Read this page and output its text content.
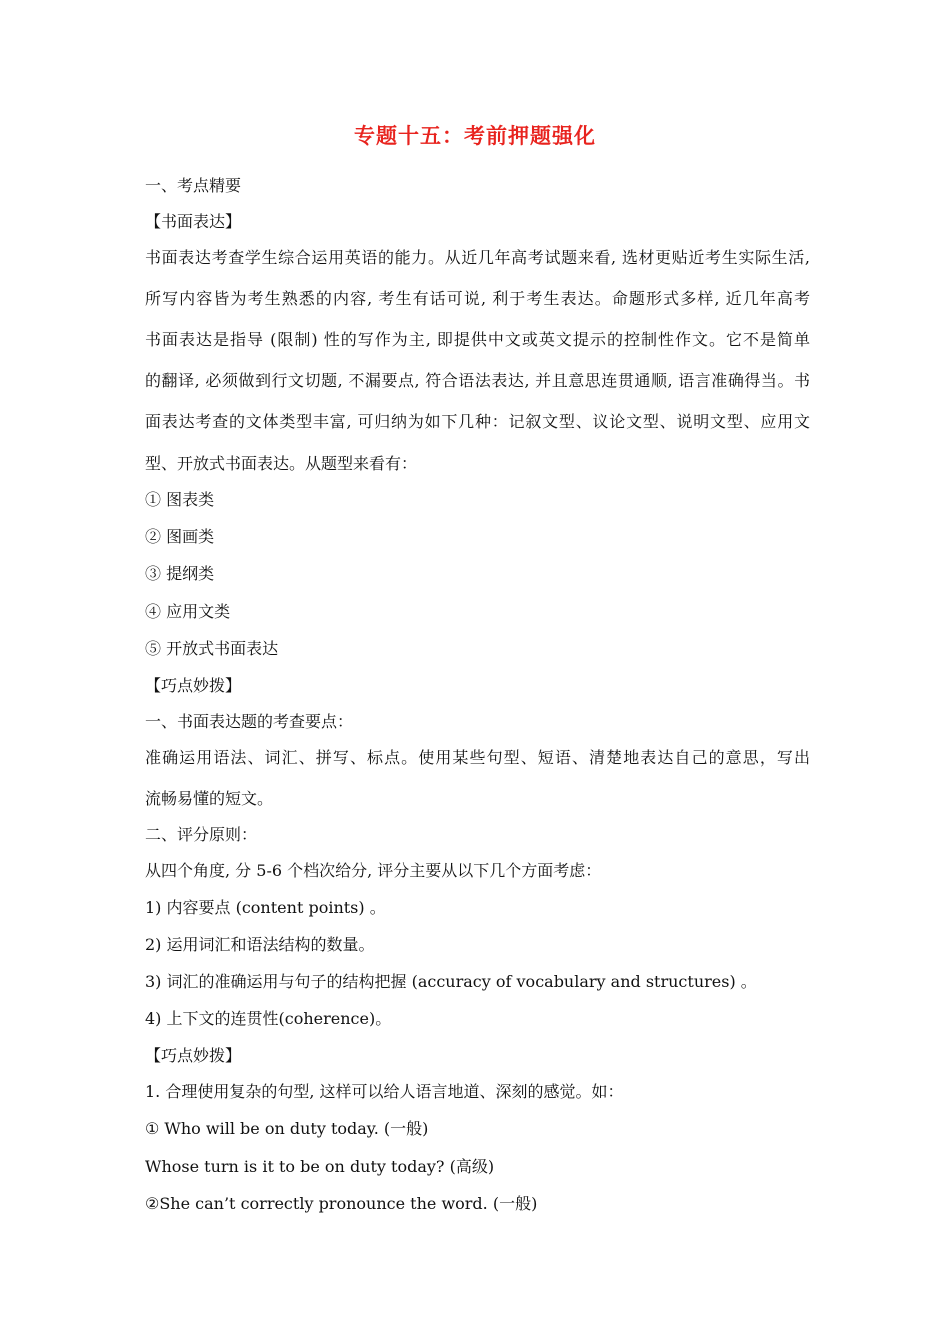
专题十五：考前押题强化
一、考点精要
【书面表达】
书面表达考查学生综合运用英语的能力。从近几年高考试题来看, 选材更贴近考生实际生活,
所写内容皆为考生熟悉的内容, 考生有话可说, 利于考生表达。命题形式多样, 近几年高考
书面表达是指导 (限制) 性的写作为主, 即提供中文或英文提示的控制性作文。它不是简单
的翻译, 必须做到行文切题, 不漏要点, 符合语法表达, 并且意思连贯通顺, 语言准确得当。书
面表达考查的文体类型丰富, 可归纳为如下几种：记叙文型、议论文型、说明文型、应用文
型、开放式书面表达。从题型来看有：
① 图表类
② 图画类
③ 提纲类
④ 应用文类
⑤ 开放式书面表达
【巧点妙拨】
一、书面表达题的考查要点：
准确运用语法、词汇、拼写、标点。使用某些句型、短语、清楚地表达自己的意思，写出
流畅易懂的短文。
二、评分原则：
从四个角度, 分 5-6 个档次给分, 评分主要从以下几个方面考虑：
1) 内容要点 (content points) 。
2) 运用词汇和语法结构的数量。
3) 词汇的准确运用与句子的结构把握 (accuracy of vocabulary and structures) 。
4) 上下文的连贯性(coherence)。
【巧点妙拨】
1. 合理使用复杂的句型, 这样可以给人语言地道、深刻的感觉。如：
① Who will be on duty today. (一般)
Whose turn is it to be on duty today? (高级)
②She can’t correctly pronounce the word. (一般)
